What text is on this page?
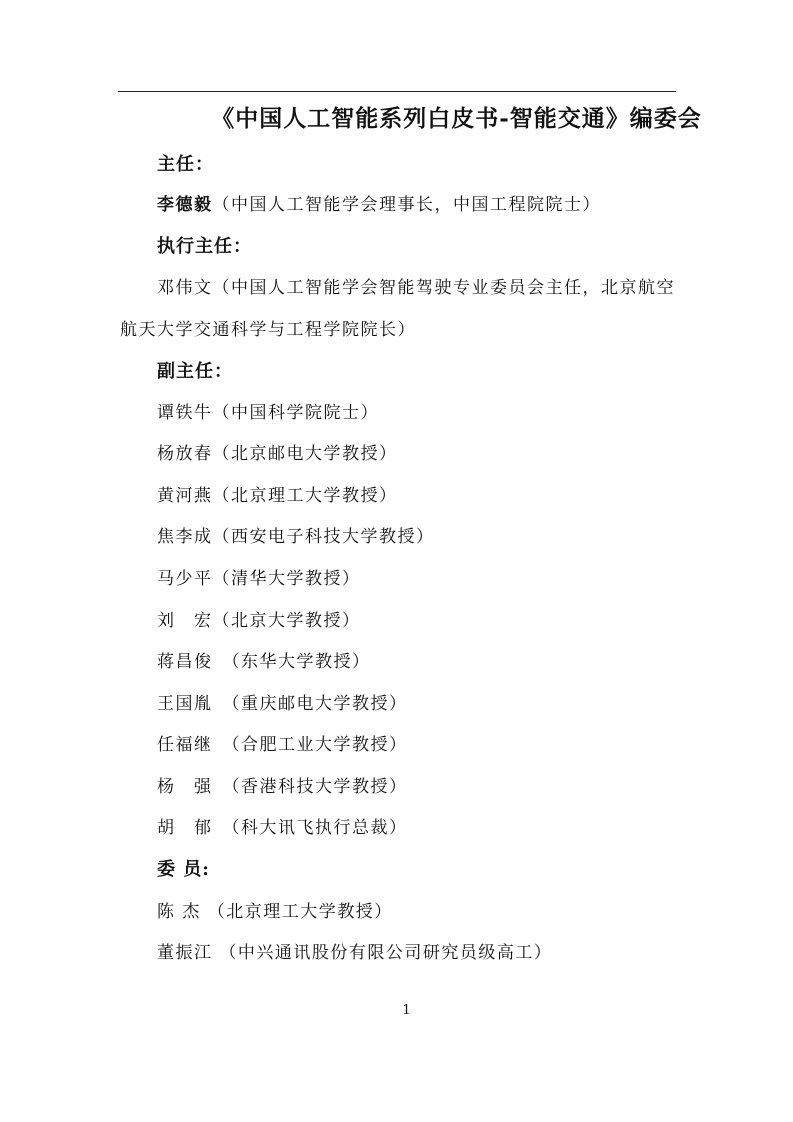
《中国人工智能系列白皮书-智能交通》编委会
主任：
李德毅（中国人工智能学会理事长，中国工程院院士）
执行主任：
邓伟文（中国人工智能学会智能驾驶专业委员会主任，北京航空
航天大学交通科学与工程学院院长）
副主任：
谭铁牛（中国科学院院士）
杨放春（北京邮电大学教授）
黄河燕（北京理工大学教授）
焦李成（西安电子科技大学教授）
马少平（清华大学教授）
刘　宏（北京大学教授）
蒋昌俊　（东华大学教授）
王国胤　（重庆邮电大学教授）
任福继　（合肥工业大学教授）
杨　强　（香港科技大学教授）
胡　郁　（科大讯飞执行总裁）
委 员:
陈 杰 （北京理工大学教授）
董振江 （中兴通讯股份有限公司研究员级高工）
1
